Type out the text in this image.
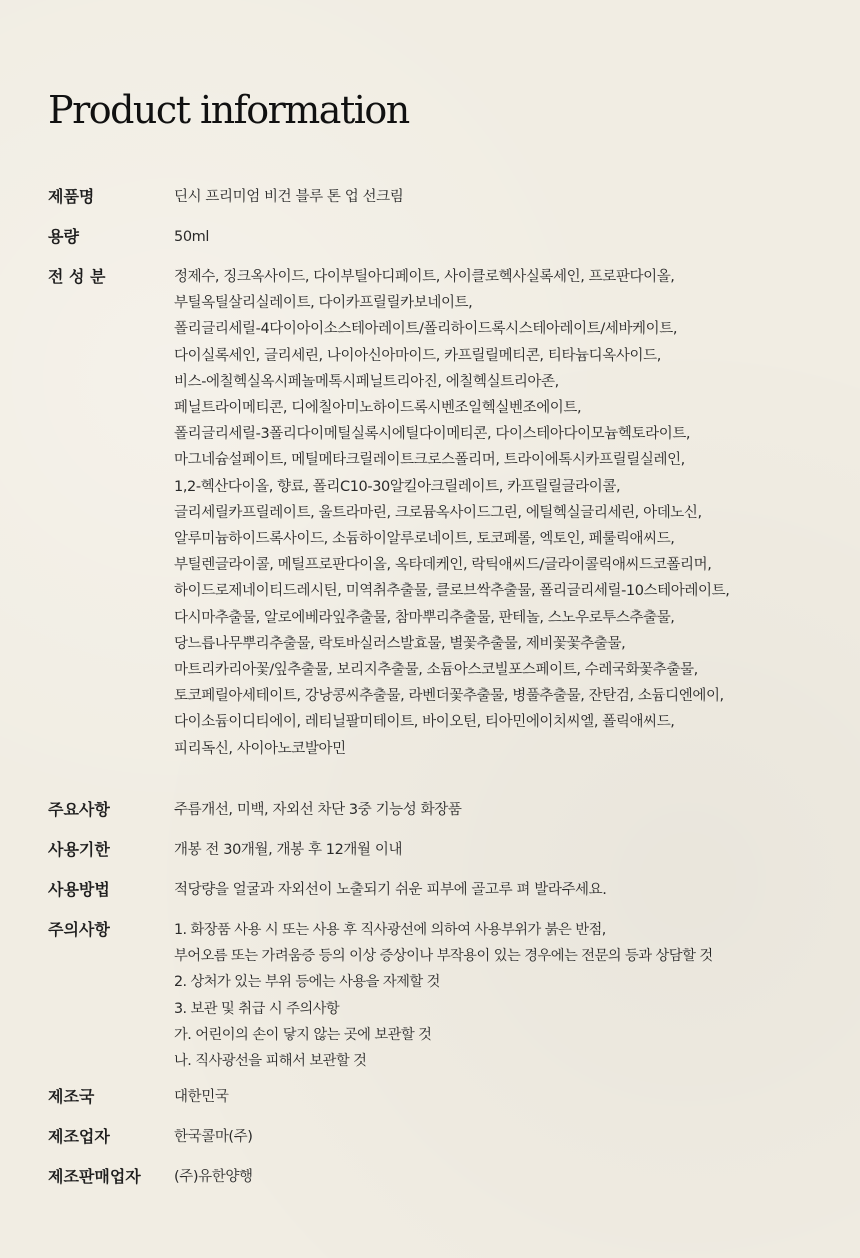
Product information
제품명	딘시 프리미엄 비건 블루 톤 업 선크림
용량	50ml
전 성 분	정제수, 징크옥사이드, 다이부틸아디페이트, 사이클로헥사실록세인, 프로판다이올,
부틸옥틸살리실레이트, 다이카프릴릴카보네이트,
폴리글리세릴-4다이아이소스테아레이트/폴리하이드록시스테아레이트/세바케이트,
다이실록세인, 글리세린, 나이아신아마이드, 카프릴릴메티콘, 티타늄디옥사이드,
비스-에칠헥실옥시페놀메톡시페닐트리아진, 에칠헥실트리아존,
페닐트라이메티콘, 디에칠아미노하이드록시벤조일헥실벤조에이트,
폴리글리세릴-3폴리다이메틸실록시에틸다이메티콘, 다이스테아다이모늄헥토라이트,
마그네슘설페이트, 메틸메타크릴레이트크로스폴리머, 트라이에톡시카프릴릴실레인,
1,2-헥산다이올, 향료, 폴리C10-30알킬아크릴레이트, 카프릴릴글라이콜,
글리세릴카프릴레이트, 울트라마린, 크로뮴옥사이드그린, 에틸헥실글리세린, 아데노신,
알루미늄하이드록사이드, 소듐하이알루로네이트, 토코페롤, 엑토인, 페룰릭애씨드,
부틸렌글라이콜, 메틸프로판다이올, 옥타데케인, 락틱애씨드/글라이콜릭애씨드코폴리머,
하이드로제네이티드레시틴, 미역취추출물, 클로브싹추출물, 폴리글리세릴-10스테아레이트,
다시마추출물, 알로에베라잎추출물, 참마뿌리추출물, 판테놀, 스노우로투스추출물,
당느릅나무뿌리추출물, 락토바실러스발효물, 별꽃추출물, 제비꽃꽃추출물,
마트리카리아꽃/잎추출물, 보리지추출물, 소듐아스코빌포스페이트, 수레국화꽃추출물,
토코페릴아세테이트, 강낭콩씨추출물, 라벤더꽃추출물, 병풀추출물, 잔탄검, 소듐디엔에이,
다이소듐이디티에이, 레티닐팔미테이트, 바이오틴, 티아민에이치씨엘, 폴릭애씨드,
피리독신, 사이아노코발아민
주요사항	주름개선, 미백, 자외선 차단 3중 기능성 화장품
사용기한	개봉 전 30개월, 개봉 후 12개월 이내
사용방법	적당량을 얼굴과 자외선이 노출되기 쉬운 피부에 골고루 펴 발라주세요.
주의사항	1. 화장품 사용 시 또는 사용 후 직사광선에 의하여 사용부위가 붉은 반점,
부어오름 또는 가려움증 등의 이상 증상이나 부작용이 있는 경우에는 전문의 등과 상담할 것
2. 상처가 있는 부위 등에는 사용을 자제할 것
3. 보관 및 취급 시 주의사항
가. 어린이의 손이 닿지 않는 곳에 보관할 것
나. 직사광선을 피해서 보관할 것
제조국	대한민국
제조업자	한국콜마(주)
제조판매업자	(주)유한양행
